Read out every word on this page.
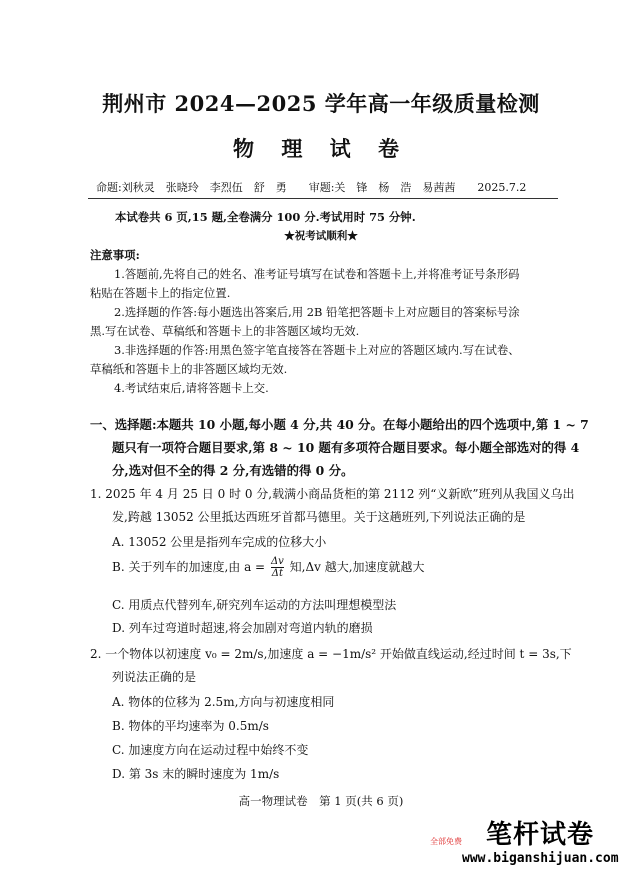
荆州市 2024—2025 学年高一年级质量检测
物 理 试 卷
命题:刘秋灵　张晓玲　李烈伍　舒　勇　　审题:关　锋　杨　浩　易茜茜　　2025.7.2
本试卷共 6 页,15 题,全卷满分 100 分.考试用时 75 分钟.
★祝考试顺利★
注意事项:
1.答题前,先将自己的姓名、准考证号填写在试卷和答题卡上,并将准考证号条形码
粘贴在答题卡上的指定位置.
2.选择题的作答:每小题选出答案后,用 2B 铅笔把答题卡上对应题目的答案标号涂
黑.写在试卷、草稿纸和答题卡上的非答题区域均无效.
3.非选择题的作答:用黑色签字笔直接答在答题卡上对应的答题区域内.写在试卷、
草稿纸和答题卡上的非答题区域均无效.
4.考试结束后,请将答题卡上交.
一、选择题:本题共 10 小题,每小题 4 分,共 40 分。在每小题给出的四个选项中,第 1 ~ 7
题只有一项符合题目要求,第 8 ~ 10 题有多项符合题目要求。每小题全部选对的得 4
分,选对但不全的得 2 分,有选错的得 0 分。
1. 2025 年 4 月 25 日 0 时 0 分,载满小商品货柜的第 2112 列“义新欧”班列从我国义乌出
发,跨越 13052 公里抵达西班牙首都马德里。关于这趟班列,下列说法正确的是
A. 13052 公里是指列车完成的位移大小
B. 关于列车的加速度,由 $a = \frac{\Delta v}{\Delta t}$ 知,Δv 越大,加速度就越大
C. 用质点代替列车,研究列车运动的方法叫理想模型法
D. 列车过弯道时超速,将会加剧对弯道内轨的磨损
2. 一个物体以初速度 v₀ = 2m/s,加速度 a = −1m/s² 开始做直线运动,经过时间 t = 3s,下
列说法正确的是
A. 物体的位移为 2.5m,方向与初速度相同
B. 物体的平均速率为 0.5m/s
C. 加速度方向在运动过程中始终不变
D. 第 3s 末的瞬时速度为 1m/s
高一物理试卷　第 1 页(共 6 页)
全部免费 笔杆试卷
www.biganshijuan.com
